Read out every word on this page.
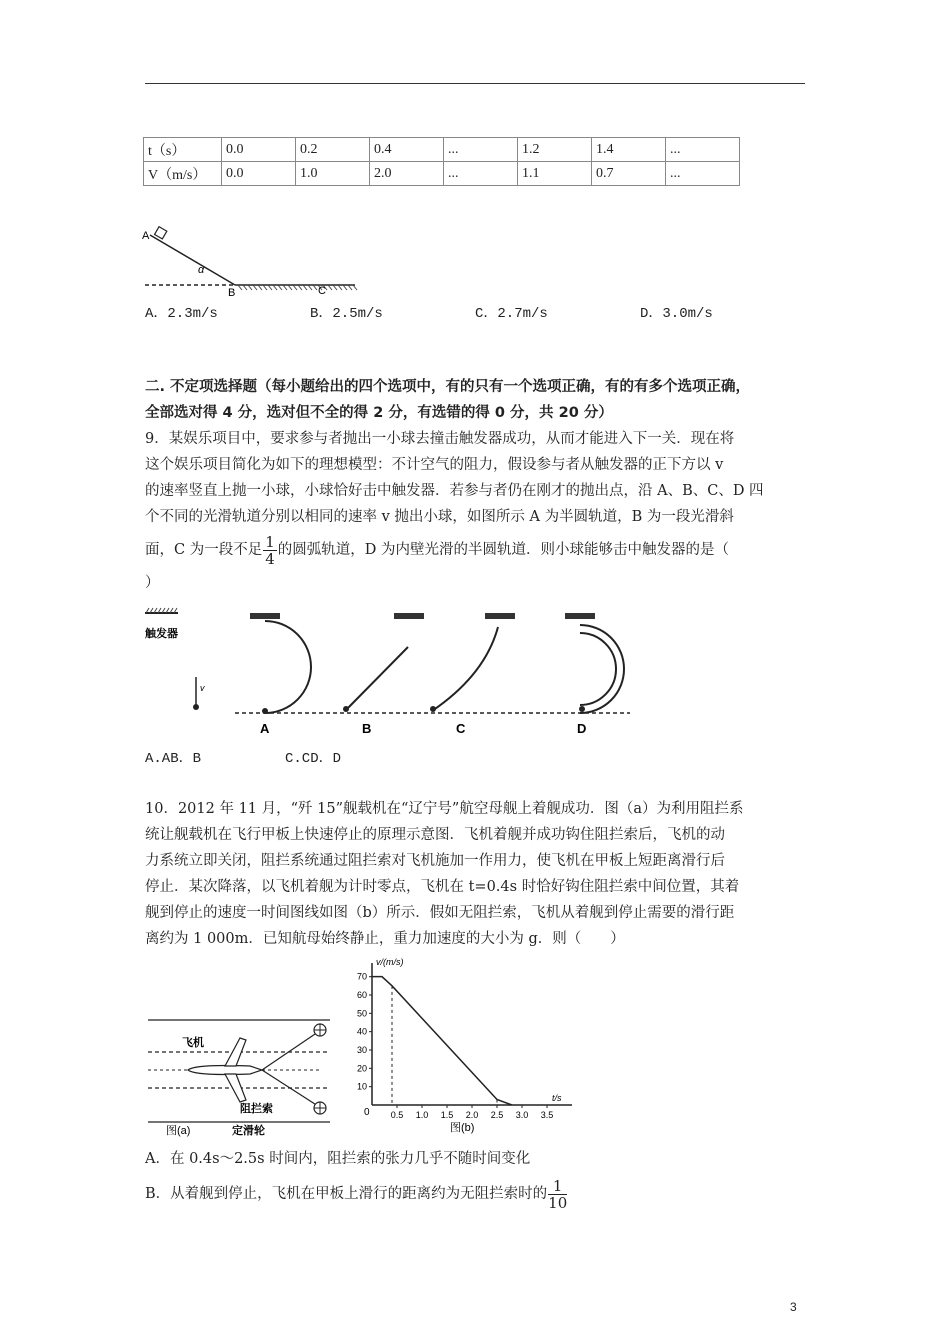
t（s）	0.0	0.2	0.4	...	1.2	1.4	...
V（m/s）	0.0	1.0	2.0	...	1.1	0.7	...
A
α
B	C
A．2.3m/s	B．2.5m/s	C．2.7m/s	D．3.0m/s
二. 不定项选择题（每小题给出的四个选项中，有的只有一个选项正确，有的有多个选项正确，
全部选对得 4 分，选对但不全的得 2 分，有选错的得 0 分，共 20 分）
9．某娱乐项目中，要求参与者抛出一小球去撞击触发器成功，从而才能进入下一关．现在将
这个娱乐项目简化为如下的理想模型：不计空气的阻力，假设参与者从触发器的正下方以 v
的速率竖直上抛一小球，小球恰好击中触发器．若参与者仍在刚才的抛出点，沿 A、B、C、D 四
个不同的光滑轨道分别以相同的速率 v 抛出小球，如图所示 A 为半圆轨道，B 为一段光滑斜
面，C 为一段不足 $\frac{1}{4}$ 的圆弧轨道，D 为内壁光滑的半圆轨道．则小球能够击中触发器的是（
）
触发器
v
A	B	C	D
A.AB．B　　　　　　C.CD．D
10．2012 年 11 月，“歼 15”舰载机在“辽宁号”航空母舰上着舰成功．图（a）为利用阻拦系
统让舰载机在飞行甲板上快速停止的原理示意图．飞机着舰并成功钩住阻拦索后，飞机的动
力系统立即关闭，阻拦系统通过阻拦索对飞机施加一作用力，使飞机在甲板上短距离滑行后
停止．某次降落，以飞机着舰为计时零点，飞机在 t=0.4s 时恰好钩住阻拦索中间位置，其着
舰到停止的速度一时间图线如图（b）所示．假如无阻拦索，飞机从着舰到停止需要的滑行距
离约为 1 000m．已知航母始终静止，重力加速度的大小为 g．则（　　）
飞机
阻拦索
定滑轮
图(a)
v/(m/s)
t/s
0
图(b)
10
20
30
40
50
60
70
0.5 1.0 1.5 2.0 2.5 3.0 3.5
A．在 0.4s～2.5s 时间内，阻拦索的张力几乎不随时间变化
B．从着舰到停止，飞机在甲板上滑行的距离约为无阻拦索时的 $\frac{1}{10}$
3
